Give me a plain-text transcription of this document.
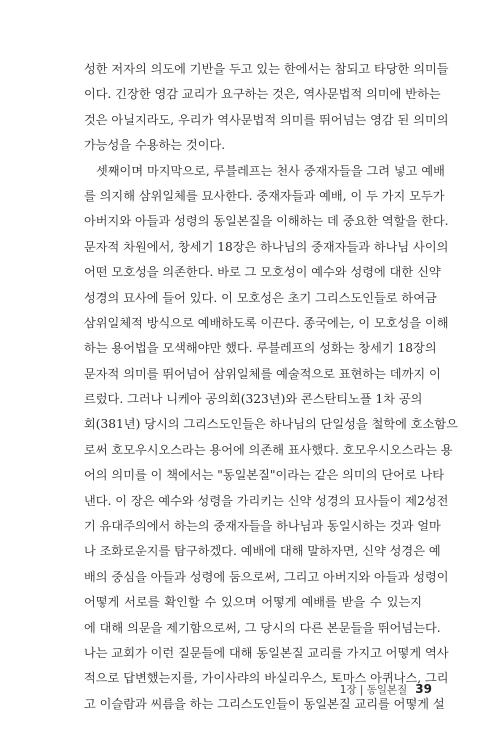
성한 저자의 의도에 기반을 두고 있는 한에서는 참되고 타당한 의미들
이다. 긴장한 영감 교리가 요구하는 것은, 역사문법적 의미에 반하는
것은 아닐지라도, 우리가 역사문법적 의미를 뛰어넘는 영감 된 의미의
가능성을 수용하는 것이다.
셋째이며 마지막으로, 루블레프는 천사 중재자들을 그려 넣고 예배
를 의지해 삼위일체를 묘사한다. 중재자들과 예배, 이 두 가지 모두가
아버지와 아들과 성령의 동일본질을 이해하는 데 중요한 역할을 한다.
문자적 차원에서, 창세기 18장은 하나님의 중재자들과 하나님 사이의
어떤 모호성을 의존한다. 바로 그 모호성이 예수와 성령에 대한 신약
성경의 묘사에 들어 있다. 이 모호성은 초기 그리스도인들로 하여금
삼위일체적 방식으로 예배하도록 이끈다. 종국에는, 이 모호성을 이해
하는 용어법을 모색해야만 했다. 루블레프의 성화는 창세기 18장의
문자적 의미를 뛰어넘어 삼위일체를 예술적으로 표현하는 데까지 이
르렀다. 그러나 니케아 공의회(323년)와 콘스탄티노플 1차 공의
회(381년) 당시의 그리스도인들은 하나님의 단일성을 철학에 호소함으
로써 호모우시오스라는 용어에 의존해 표사했다. 호모우시오스라는 용
어의 의미를 이 책에서는 "동일본질"이라는 같은 의미의 단어로 나타
낸다. 이 장은 예수와 성령을 가리키는 신약 성경의 묘사들이 제2성전
기 유대주의에서 하는의 중재자들을 하나님과 동일시하는 것과 얼마
나 조화로운지를 탐구하겠다. 예배에 대해 말하자면, 신약 성경은 예
배의 중심을 아들과 성령에 둠으로써, 그리고 아버지와 아들과 성령이
어떻게 서로를 확인할 수 있으며 어떻게 예배를 받을 수 있는지
에 대해 의문을 제기함으로써, 그 당시의 다른 본문들을 뛰어넘는다.
나는 교회가 이런 질문들에 대해 동일본질 교리를 가지고 어떻게 역사
적으로 답변했는지를, 가이사랴의 바실리우스, 토마스 아퀴나스, 그리
고 이슬람과 씨름을 하는 그리스도인들이 동일본질 교리를 어떻게 설
1장 | 동일본질 39
